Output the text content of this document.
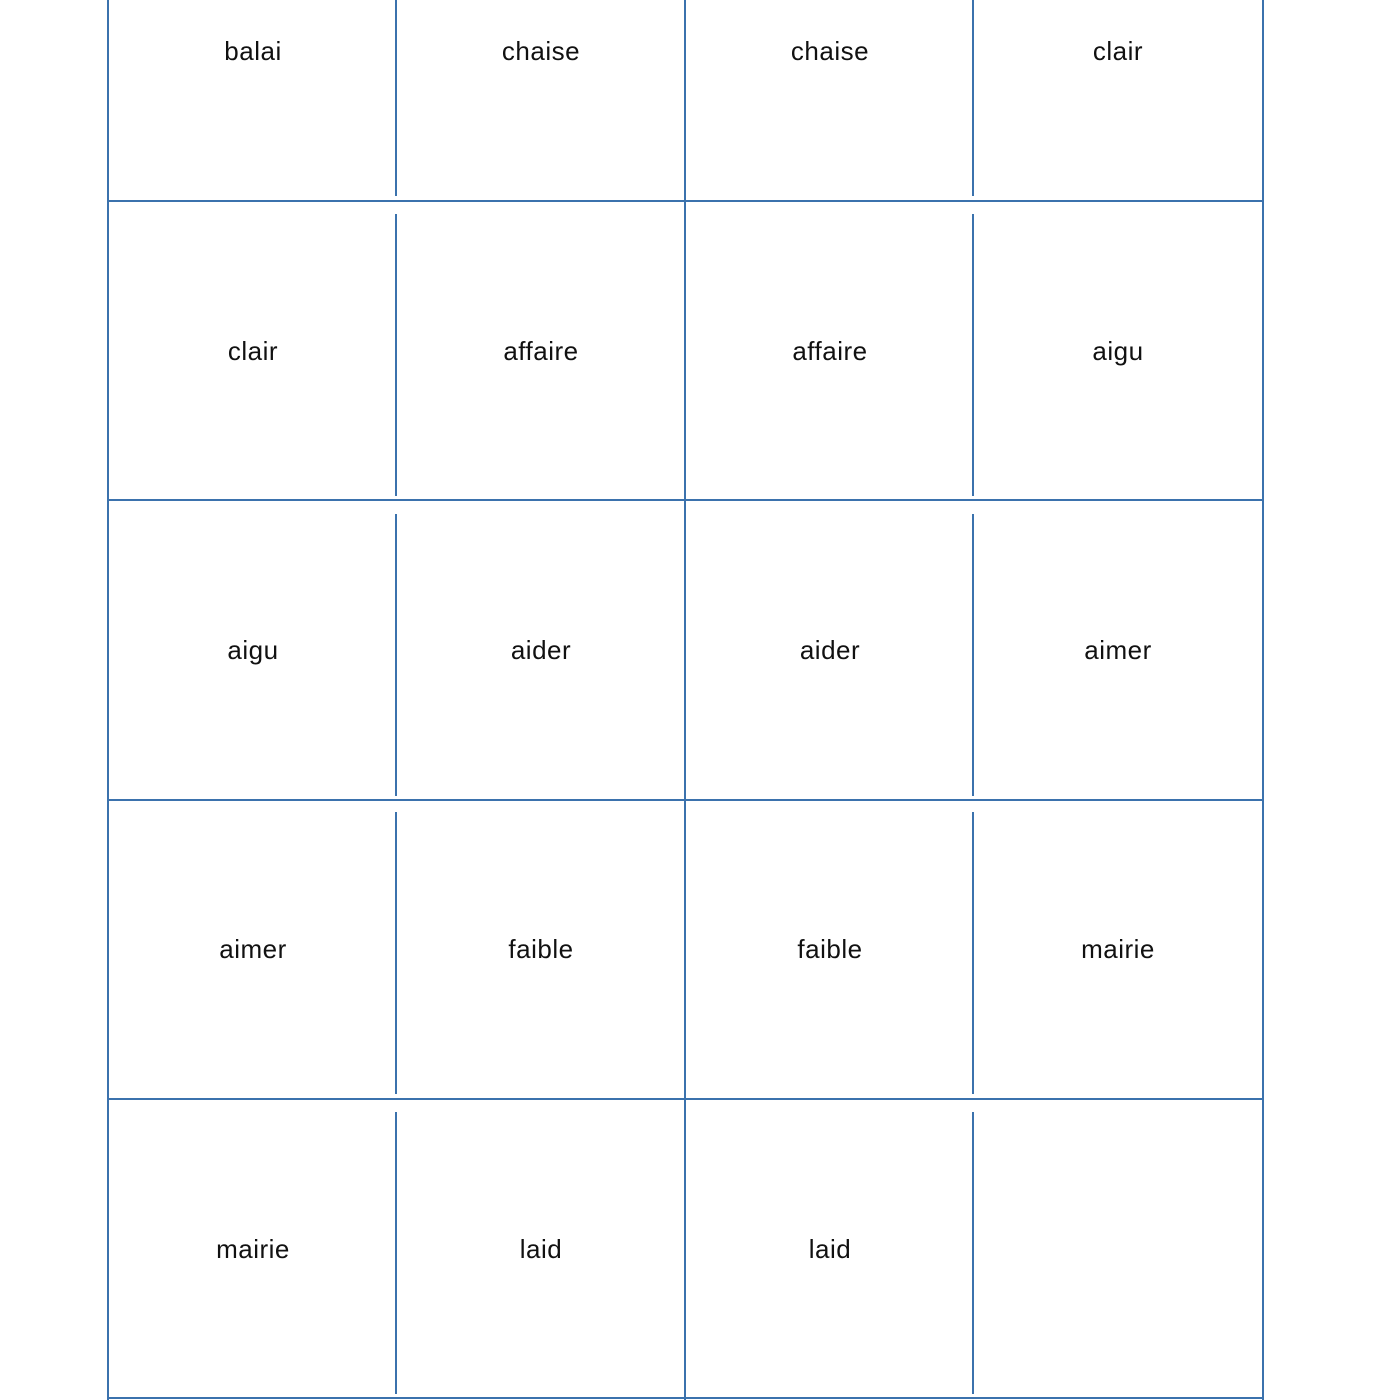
balai	chaise	chaise	clair
clair	affaire	affaire	aigu
aigu	aider	aider	aimer
aimer	faible	faible	mairie
mairie	laid	laid
